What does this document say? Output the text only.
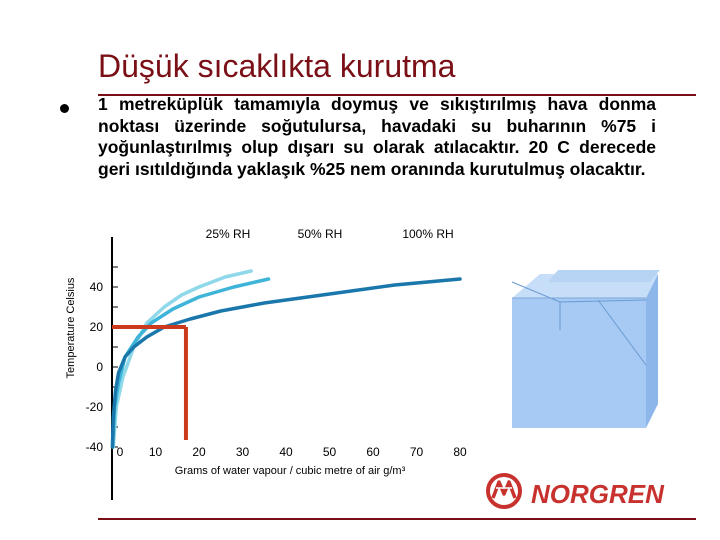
Düşük sıcaklıkta kurutma
1 metreküplük tamamıyla doymuş ve sıkıştırılmış hava donma noktası üzerinde soğutulursa, havadaki su buharının %75 i yoğunlaştırılmış olup dışarı su olarak atılacaktır. 20 C derecede geri ısıtıldığında yaklaşık %25 nem oranında kurutulmuş olacaktır.
40
20
0
-20
-40 0 10	20	30	40	50	60	70	80
Temperature Celsius
Grams of water vapour / cubic metre of air g/m³
25% RH	50% RH	100% RH
NORGREN
